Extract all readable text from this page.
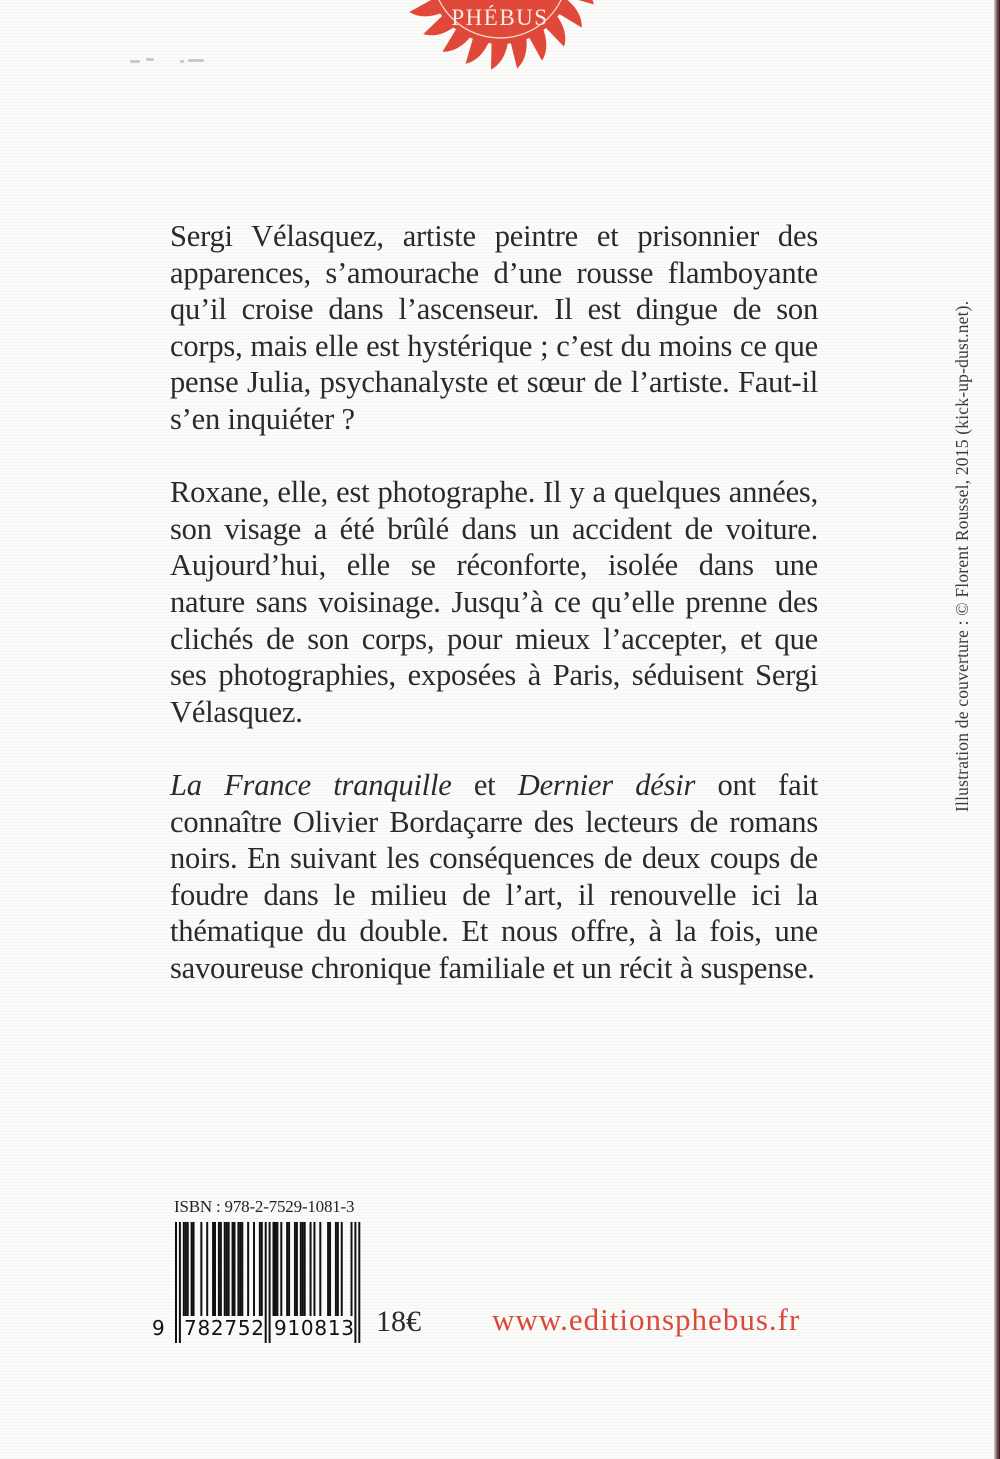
PHÉBUS

Sergi Vélasquez, artiste peintre et prisonnier des apparences, s’amourache d’une rousse flamboyante qu’il croise dans l’ascenseur. Il est dingue de son corps, mais elle est hystérique ; c’est du moins ce que pense Julia, psychanalyste et sœur de l’artiste. Faut-il s’en inquiéter ?

Roxane, elle, est photographe. Il y a quelques années, son visage a été brûlé dans un accident de voiture. Aujourd’hui, elle se réconforte, isolée dans une nature sans voisinage. Jusqu’à ce qu’elle prenne des clichés de son corps, pour mieux l’accepter, et que ses photographies, exposées à Paris, séduisent Sergi Vélasquez.

La France tranquille et Dernier désir ont fait connaître Olivier Bordaçarre des lecteurs de romans noirs. En suivant les conséquences de deux coups de foudre dans le milieu de l’art, il renouvelle ici la thématique du double. Et nous offre, à la fois, une savoureuse chronique familiale et un récit à suspense.

Illustration de couverture : © Florent Roussel, 2015 (kick-up-dust.net).
ISBN : 978-2-7529-1081-3
9 782752 910813 18€ www.editionsphebus.fr
